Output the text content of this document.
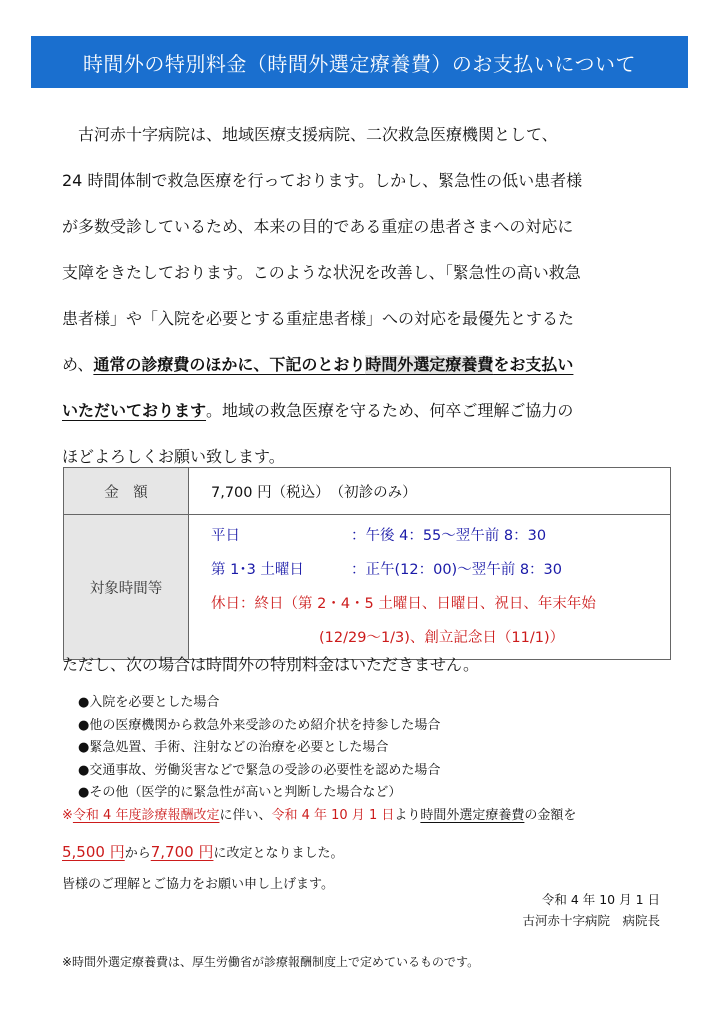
時間外の特別料金（時間外選定療養費）のお支払いについて
古河赤十字病院は、地域医療支援病院、二次救急医療機関として、
24 時間体制で救急医療を行っております。しかし、緊急性の低い患者様
が多数受診しているため、本来の目的である重症の患者さまへの対応に
支障をきたしております。このような状況を改善し、「緊急性の高い救急
患者様」や「入院を必要とする重症患者様」への対応を最優先とするた
め、通常の診療費のほかに、下記のとおり時間外選定療養費をお支払い
いただいております。地域の救急医療を守るため、何卒ご理解ご協力の
ほどよろしくお願い致します。
金　額	7,700 円（税込）　（初診のみ）
対象時間等	平日 ：午後 4：55～翌午前 8：30
第 1･3 土曜日 ：正午(12：00)～翌午前 8：30
休日：終日（第 2・4・5 土曜日、日曜日、祝日、年末年始
(12/29～1/3)、創立記念日（11/1)）
ただし、次の場合は時間外の特別料金はいただきません。
●入院を必要とした場合
●他の医療機関から救急外来受診のため紹介状を持参した場合
●緊急処置、手術、注射などの治療を必要とした場合
●交通事故、労働災害などで緊急の受診の必要性を認めた場合
●その他（医学的に緊急性が高いと判断した場合など）
※令和 4 年度診療報酬改定に伴い、令和 4 年 10 月 1 日より時間外選定療養費の金額を
5,500 円から7,700 円に改定となりました。
皆様のご理解とご協力をお願い申し上げます。
令和 4 年 10 月 1 日
古河赤十字病院　病院長
※時間外選定療養費は、厚生労働省が診療報酬制度上で定めているものです。
